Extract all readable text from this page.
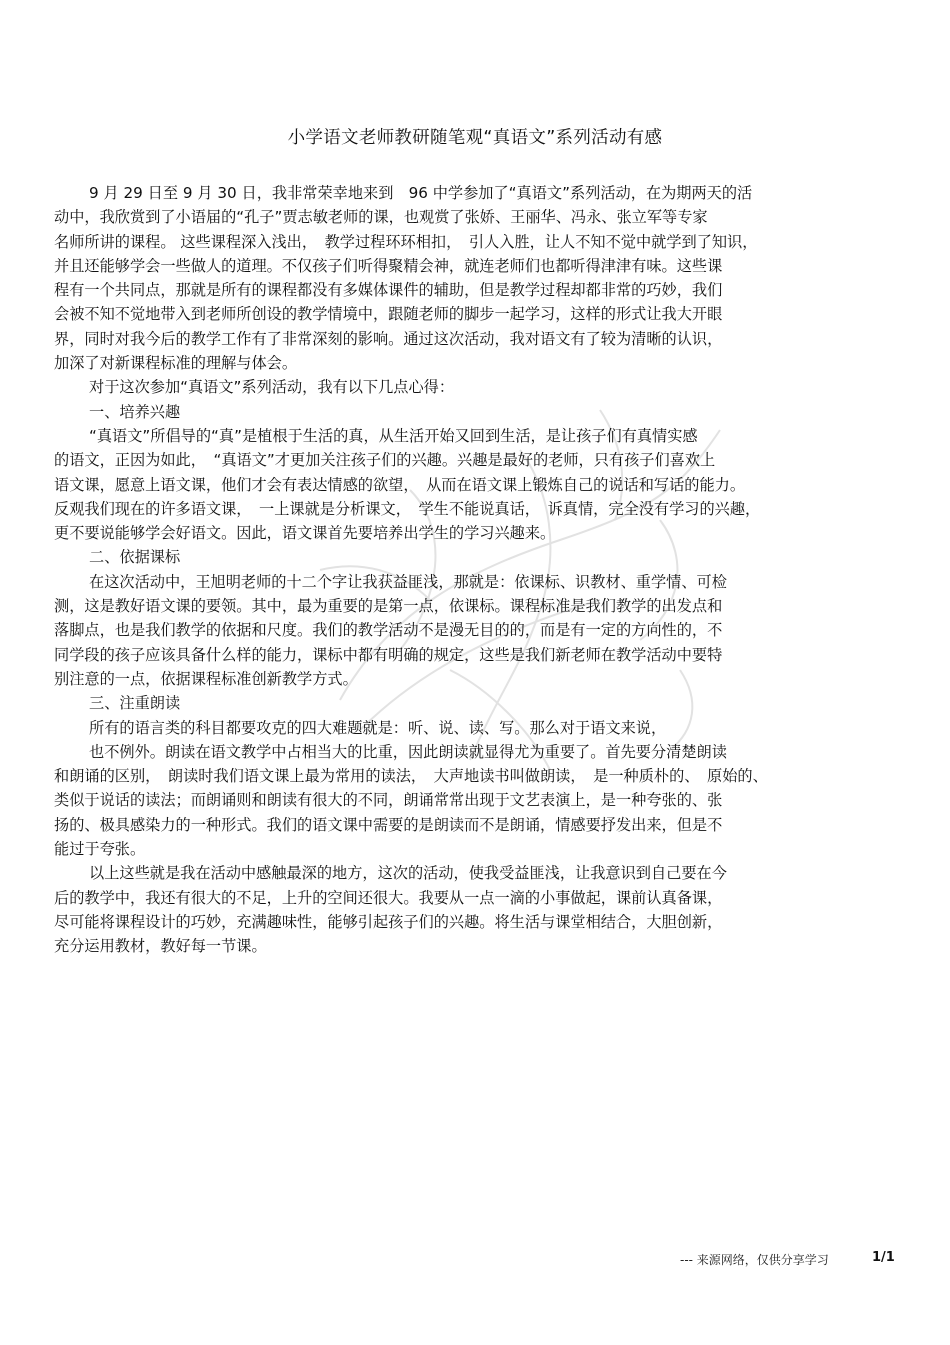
小学语文老师教研随笔观“真语文”系列活动有感
9 月 29 日至 9 月 30 日，我非常荣幸地来到　96 中学参加了“真语文”系列活动，在为期两天的活
动中，我欣赏到了小语届的“孔子”贾志敏老师的课，也观赏了张娇、王丽华、冯永、张立军等专家
名师所讲的课程。 这些课程深入浅出，　教学过程环环相扣，　引人入胜，让人不知不觉中就学到了知识，
并且还能够学会一些做人的道理。不仅孩子们听得聚精会神，就连老师们也都听得津津有味。这些课
程有一个共同点，那就是所有的课程都没有多媒体课件的辅助，但是教学过程却都非常的巧妙，我们
会被不知不觉地带入到老师所创设的教学情境中，跟随老师的脚步一起学习，这样的形式让我大开眼
界，同时对我今后的教学工作有了非常深刻的影响。通过这次活动，我对语文有了较为清晰的认识，
加深了对新课程标准的理解与体会。
对于这次参加“真语文”系列活动，我有以下几点心得：
一、培养兴趣
“真语文”所倡导的“真”是植根于生活的真，从生活开始又回到生活，是让孩子们有真情实感
的语文，正因为如此，　“真语文”才更加关注孩子们的兴趣。兴趣是最好的老师，只有孩子们喜欢上
语文课，愿意上语文课，他们才会有表达情感的欲望，　从而在语文课上锻炼自己的说话和写话的能力。
反观我们现在的许多语文课，　一上课就是分析课文，　学生不能说真话，　诉真情，完全没有学习的兴趣，
更不要说能够学会好语文。因此，语文课首先要培养出学生的学习兴趣来。
二、依据课标
在这次活动中，王旭明老师的十二个字让我获益匪浅，那就是：依课标、识教材、重学情、可检
测，这是教好语文课的要领。其中，最为重要的是第一点，依课标。课程标准是我们教学的出发点和
落脚点，也是我们教学的依据和尺度。我们的教学活动不是漫无目的的，而是有一定的方向性的，不
同学段的孩子应该具备什么样的能力，课标中都有明确的规定，这些是我们新老师在教学活动中要特
别注意的一点，依据课程标准创新教学方式。
三、注重朗读
所有的语言类的科目都要攻克的四大难题就是：听、说、读、写。那么对于语文来说，
也不例外。朗读在语文教学中占相当大的比重，因此朗读就显得尤为重要了。首先要分清楚朗读
和朗诵的区别，　朗读时我们语文课上最为常用的读法，　大声地读书叫做朗读，　是一种质朴的、　原始的、
类似于说话的读法；而朗诵则和朗读有很大的不同，朗诵常常出现于文艺表演上，是一种夸张的、张
扬的、极具感染力的一种形式。我们的语文课中需要的是朗读而不是朗诵，情感要抒发出来，但是不
能过于夸张。
以上这些就是我在活动中感触最深的地方，这次的活动，使我受益匪浅，让我意识到自己要在今
后的教学中，我还有很大的不足，上升的空间还很大。我要从一点一滴的小事做起，课前认真备课，
尽可能将课程设计的巧妙，充满趣味性，能够引起孩子们的兴趣。将生活与课堂相结合，大胆创新，
充分运用教材，教好每一节课。
--- 来源网络，仅供分享学习	1/1
